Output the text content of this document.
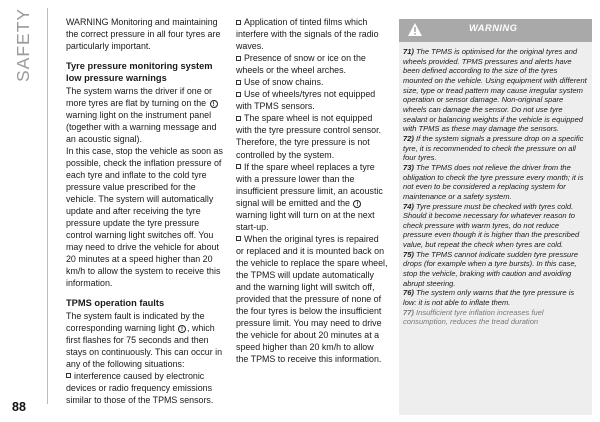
SAFETY
88

WARNING Monitoring and maintaining the correct pressure in all four tyres are particularly important.

Tyre pressure monitoring system low pressure warnings

The system warns the driver if one or more tyres are flat by turning on the ! warning light on the instrument panel (together with a warning message and an acoustic signal).

In this case, stop the vehicle as soon as possible, check the inflation pressure of each tyre and inflate to the cold tyre pressure value prescribed for the vehicle. The system will automatically update and after receiving the tyre pressure update the tyre pressure control warning light switches off. You may need to drive the vehicle for about 20 minutes at a speed higher than 20 km/h to allow the system to receive this information.

TPMS operation faults

The system fault is indicated by the corresponding warning light ! , which first flashes for 75 seconds and then stays on continuously. This can occur in any of the following situations:

interference caused by electronic devices or radio frequency emissions similar to those of the TPMS sensors.

Application of tinted films which interfere with the signals of the radio waves.

Presence of snow or ice on the wheels or the wheel arches.

Use of snow chains.

Use of wheels/tyres not equipped with TPMS sensors.

The spare wheel is not equipped with the tyre pressure control sensor. Therefore, the tyre pressure is not controlled by the system.

If the spare wheel replaces a tyre with a pressure lower than the insufficient pressure limit, an acoustic signal will be emitted and the ! warning light will turn on at the next start-up.

When the original tyres is repaired or replaced and it is mounted back on the vehicle to replace the spare wheel, the TPMS will update automatically and the warning light will switch off, provided that the pressure of none of the four tyres is below the insufficient pressure limit. You may need to drive the vehicle for about 20 minutes at a speed higher than 20 km/h to allow the TPMS to receive this information.

WARNING

71) The TPMS is optimised for the original tyres and wheels provided. TPMS pressures and alerts have been defined according to the size of the tyres mounted on the vehicle. Using equipment with different size, type or tread pattern may cause irregular system operation or sensor damage. Non-original spare wheels can damage the sensor. Do not use tyre sealant or balancing weights if the vehicle is equipped with TPMS as these may damage the sensors.

72) If the system signals a pressure drop on a specific tyre, it is recommended to check the pressure on all four tyres.

73) The TPMS does not relieve the driver from the obligation to check the tyre pressure every month; it is not even to be considered a replacing system for maintenance or a safety system.

74) Tyre pressure must be checked with tyres cold. Should it become necessary for whatever reason to check pressure with warm tyres, do not reduce pressure even though it is higher than the prescribed value, but repeat the check when tyres are cold.

75) The TPMS cannot indicate sudden tyre pressure drops (for example when a tyre bursts). In this case, stop the vehicle, braking with caution and avoiding abrupt steering.

76) The system only warns that the tyre pressure is low: it is not able to inflate them.

77) Insufficient tyre inflation increases fuel consumption, reduces the tread duration
